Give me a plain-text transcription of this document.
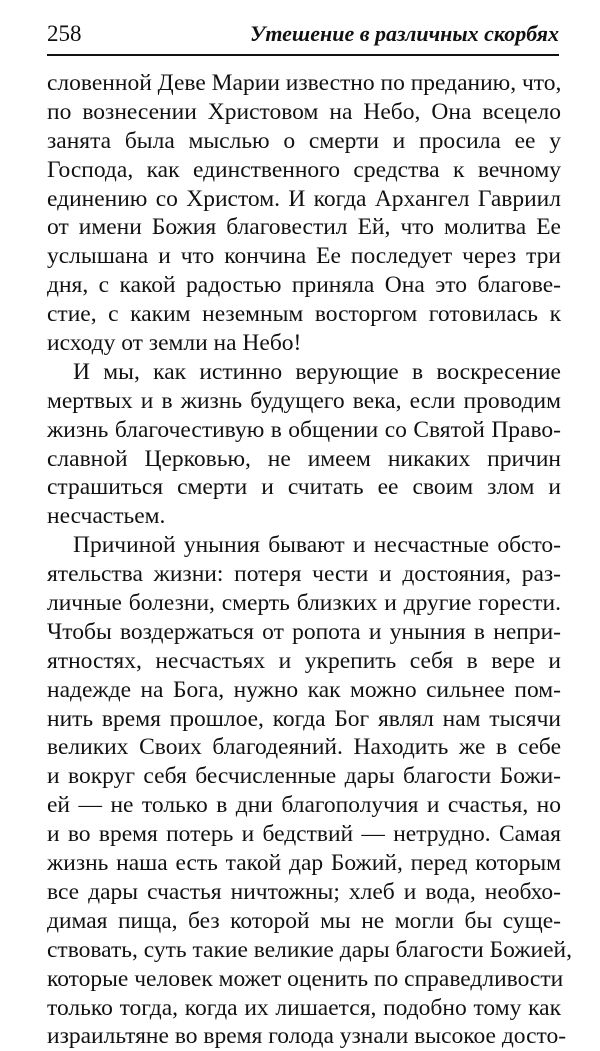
258	Утешение в различных скорбях
словенной Деве Марии известно по преданию, что,
по вознесении Христовом на Небо, Она всецело
занята была мыслью о смерти и просила ее у
Господа, как единственного средства к вечному
единению со Христом. И когда Архангел Гавриил
от имени Божия благовестил Ей, что молитва Ее
услышана и что кончина Ее последует через три
дня, с какой радостью приняла Она это благове-
стие, с каким неземным восторгом готовилась к
исходу от земли на Небо!
И мы, как истинно верующие в воскресение
мертвых и в жизнь будущего века, если проводим
жизнь благочестивую в общении со Святой Право-
славной Церковью, не имеем никаких причин
страшиться смерти и считать ее своим злом и
несчастьем.
Причиной уныния бывают и несчастные обсто-
ятельства жизни: потеря чести и достояния, раз-
личные болезни, смерть близких и другие горести.
Чтобы воздержаться от ропота и уныния в непри-
ятностях, несчастьях и укрепить себя в вере и
надежде на Бога, нужно как можно сильнее пом-
нить время прошлое, когда Бог являл нам тысячи
великих Своих благодеяний. Находить же в себе
и вокруг себя бесчисленные дары благости Божи-
ей — не только в дни благополучия и счастья, но
и во время потерь и бедствий — нетрудно. Самая
жизнь наша есть такой дар Божий, перед которым
все дары счастья ничтожны; хлеб и вода, необхо-
димая пища, без которой мы не могли бы суще-
ствовать, суть такие великие дары благости Божией,
которые человек может оценить по справедливости
только тогда, когда их лишается, подобно тому как
израильтяне во время голода узнали высокое досто-
